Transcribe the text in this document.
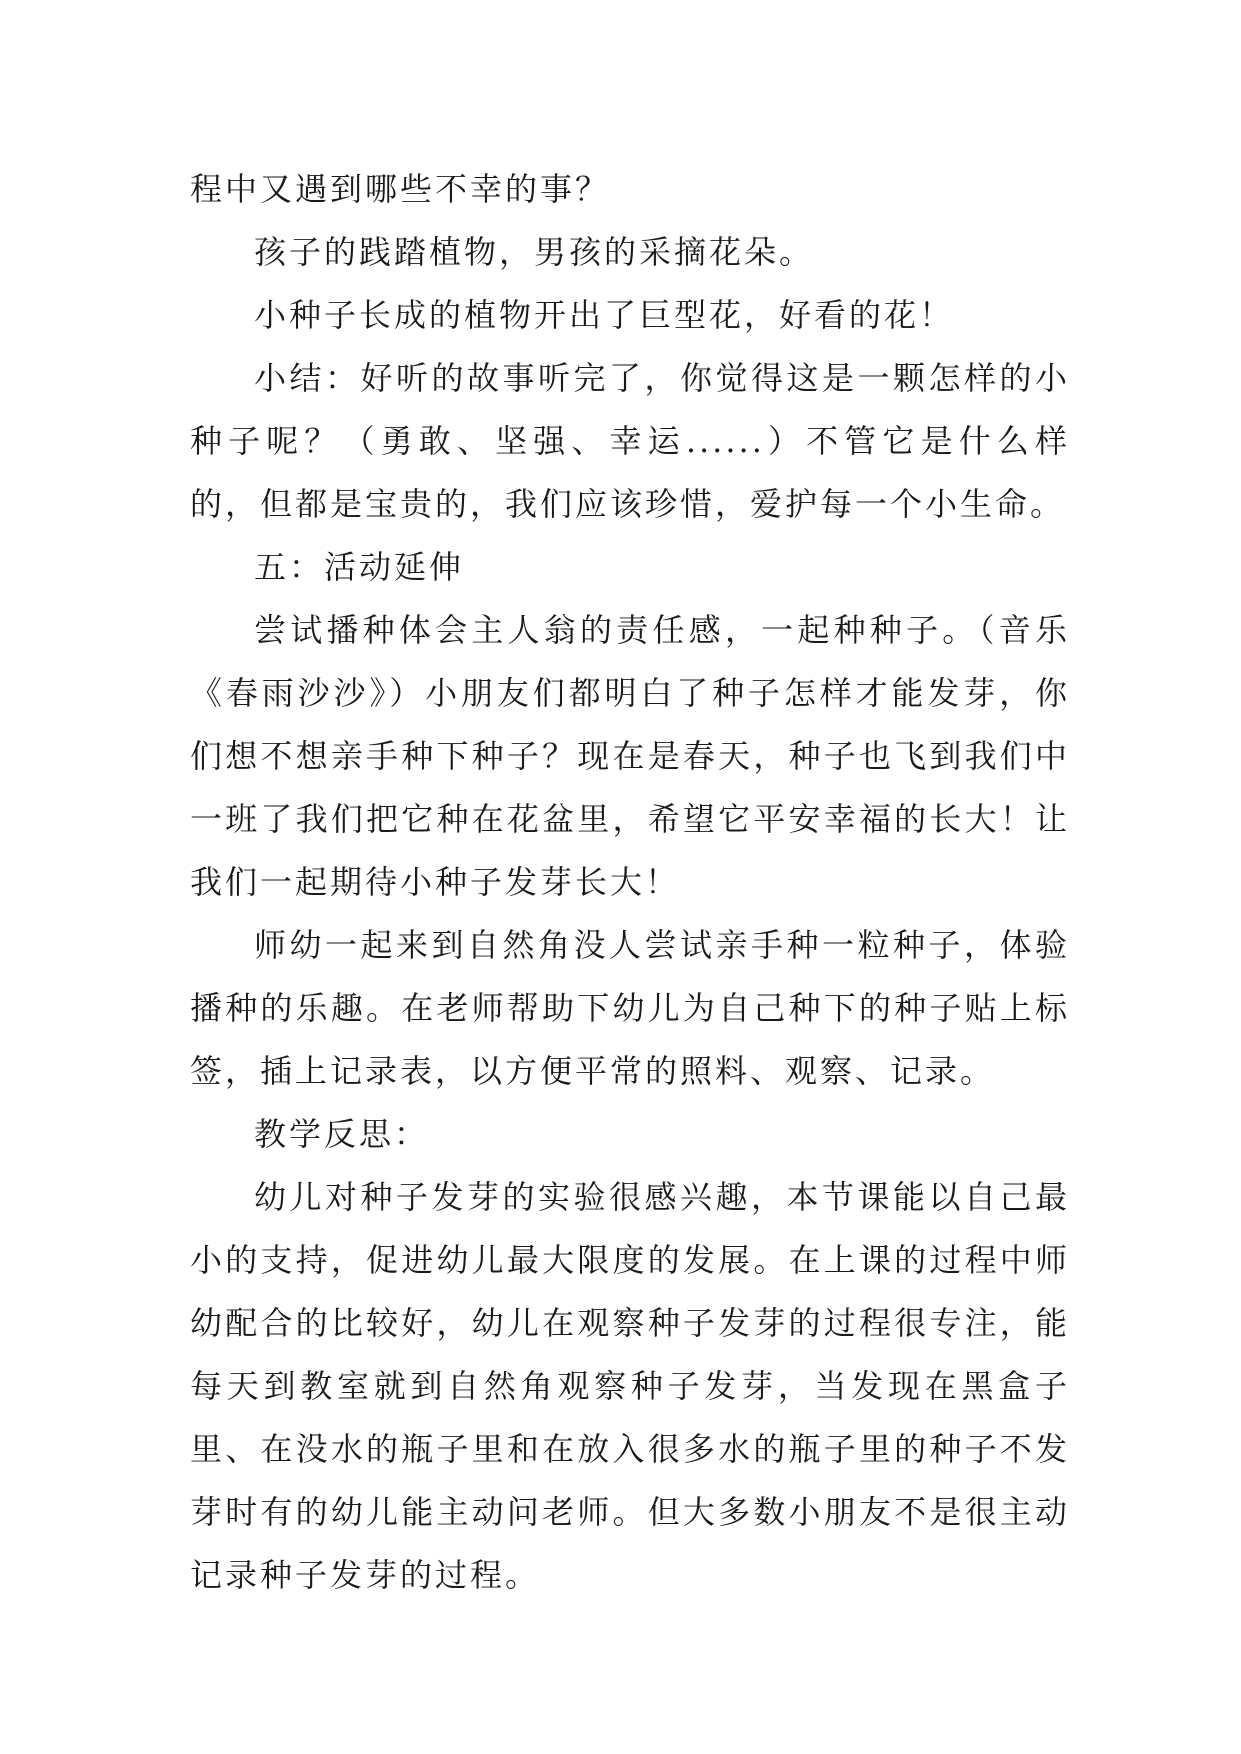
程中又遇到哪些不幸的事？

孩子的践踏植物，男孩的采摘花朵。

小种子长成的植物开出了巨型花，好看的花！

小结：好听的故事听完了，你觉得这是一颗怎样的小种子呢？（勇敢、坚强、幸运......）不管它是什么样的，但都是宝贵的，我们应该珍惜，爱护每一个小生命。

五：活动延伸

尝试播种体会主人翁的责任感，一起种种子。（音乐《春雨沙沙》）小朋友们都明白了种子怎样才能发芽，你们想不想亲手种下种子？现在是春天，种子也飞到我们中一班了我们把它种在花盆里，希望它平安幸福的长大！让我们一起期待小种子发芽长大！

师幼一起来到自然角没人尝试亲手种一粒种子，体验播种的乐趣。在老师帮助下幼儿为自己种下的种子贴上标签，插上记录表，以方便平常的照料、观察、记录。

教学反思：

幼儿对种子发芽的实验很感兴趣，本节课能以自己最小的支持，促进幼儿最大限度的发展。在上课的过程中师幼配合的比较好，幼儿在观察种子发芽的过程很专注，能每天到教室就到自然角观察种子发芽，当发现在黑盒子里、在没水的瓶子里和在放入很多水的瓶子里的种子不发芽时有的幼儿能主动问老师。但大多数小朋友不是很主动记录种子发芽的过程。
